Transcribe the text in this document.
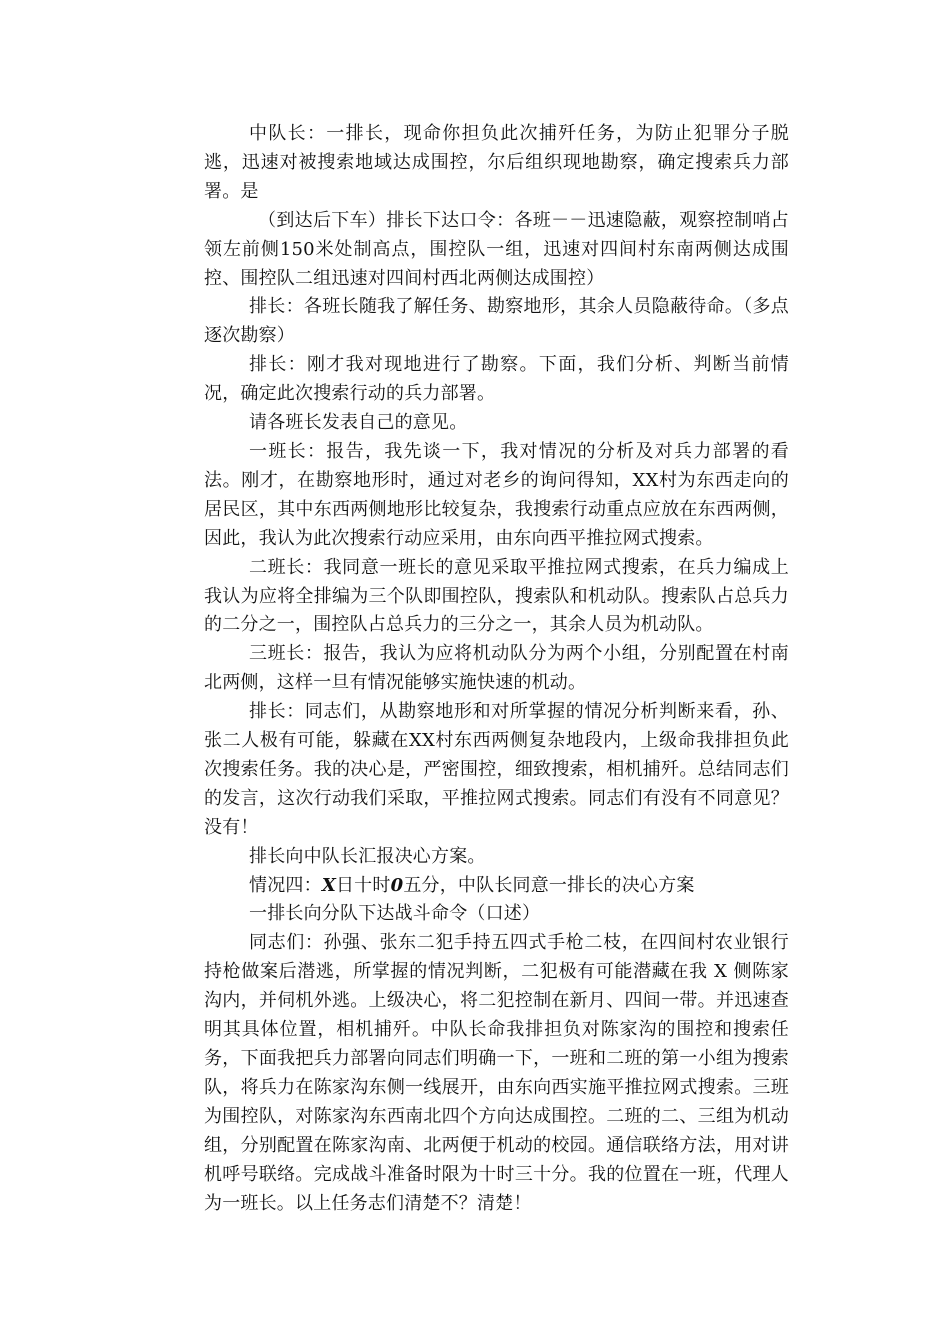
中队长：一排长，现命你担负此次捕歼任务，为防止犯罪分子脱逃，迅速对被搜索地域达成围控，尔后组织现地勘察，确定搜索兵力部署。是

（到达后下车）排长下达口令：各班－－迅速隐蔽，观察控制哨占领左前侧150米处制高点，围控队一组，迅速对四间村东南两侧达成围控、围控队二组迅速对四间村西北两侧达成围控）

排长：各班长随我了解任务、勘察地形，其余人员隐蔽待命。（多点逐次勘察）

排长：刚才我对现地进行了勘察。下面，我们分析、判断当前情况，确定此次搜索行动的兵力部署。

请各班长发表自己的意见。

一班长：报告，我先谈一下，我对情况的分析及对兵力部署的看法。刚才，在勘察地形时，通过对老乡的询问得知，XX村为东西走向的居民区，其中东西两侧地形比较复杂，我搜索行动重点应放在东西两侧，因此，我认为此次搜索行动应采用，由东向西平推拉网式搜索。

二班长：我同意一班长的意见采取平推拉网式搜索，在兵力编成上我认为应将全排编为三个队即围控队，搜索队和机动队。搜索队占总兵力的二分之一，围控队占总兵力的三分之一，其余人员为机动队。

三班长：报告，我认为应将机动队分为两个小组，分别配置在村南北两侧，这样一旦有情况能够实施快速的机动。

排长：同志们，从勘察地形和对所掌握的情况分析判断来看，孙、张二人极有可能，躲藏在XX村东西两侧复杂地段内，上级命我排担负此次搜索任务。我的决心是，严密围控，细致搜索，相机捕歼。总结同志们的发言，这次行动我们采取，平推拉网式搜索。同志们有没有不同意见？没有！

排长向中队长汇报决心方案。

情况四：X日十时0五分，中队长同意一排长的决心方案

一排长向分队下达战斗命令（口述）

同志们：孙强、张东二犯手持五四式手枪二枝，在四间村农业银行持枪做案后潜逃，所掌握的情况判断，二犯极有可能潜藏在我 X 侧陈家沟内，并伺机外逃。上级决心，将二犯控制在新月、四间一带。并迅速查明其具体位置，相机捕歼。中队长命我排担负对陈家沟的围控和搜索任务，下面我把兵力部署向同志们明确一下，一班和二班的第一小组为搜索队，将兵力在陈家沟东侧一线展开，由东向西实施平推拉网式搜索。三班为围控队，对陈家沟东西南北四个方向达成围控。二班的二、三组为机动组，分别配置在陈家沟南、北两便于机动的校园。通信联络方法，用对讲机呼号联络。完成战斗准备时限为十时三十分。我的位置在一班，代理人为一班长。以上任务志们清楚不？清楚！
